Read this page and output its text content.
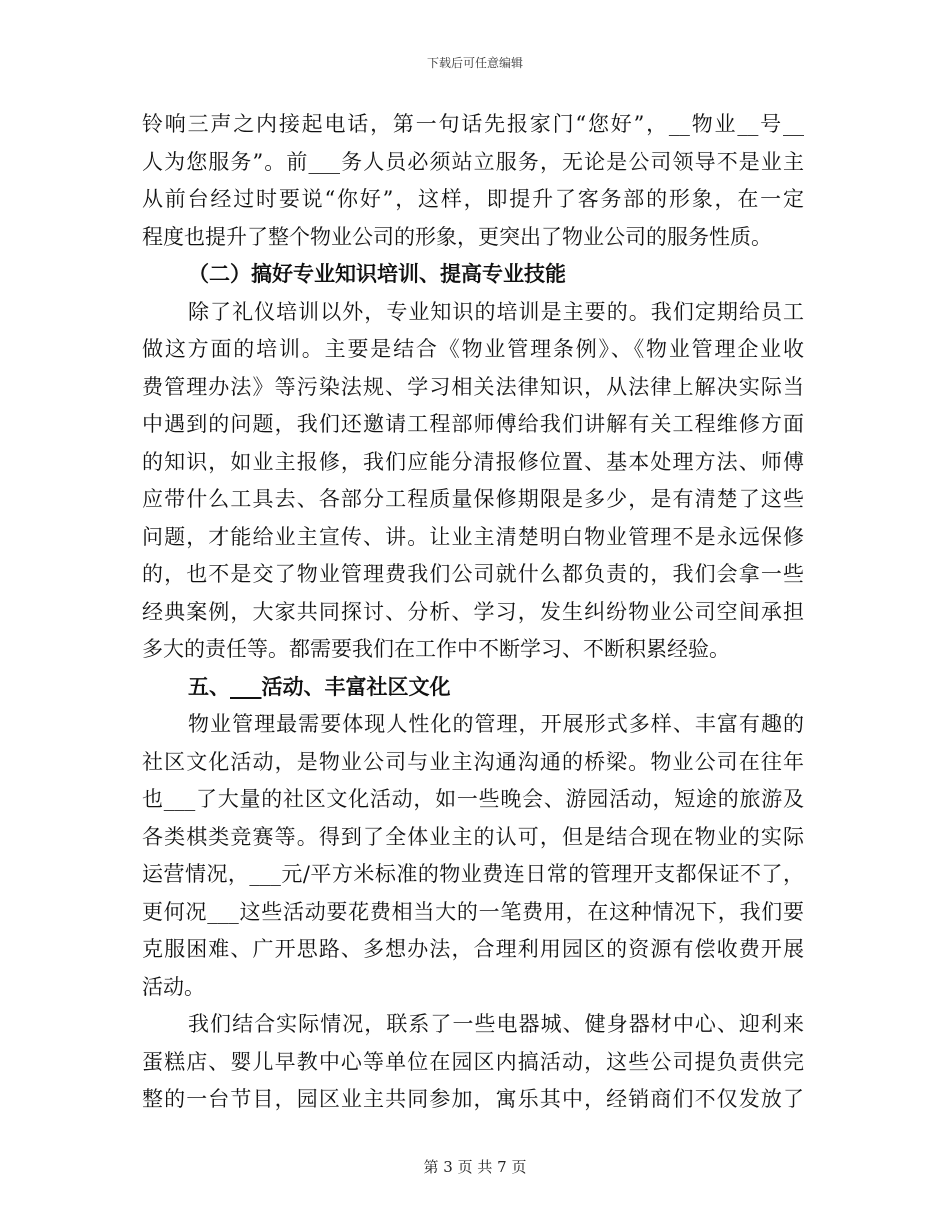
下载后可任意编辑
铃响三声之内接起电话，第一句话先报家门“您好”，__物业__号__
人为您服务”。前___务人员必须站立服务，无论是公司领导不是业主
从前台经过时要说“你好”，这样，即提升了客务部的形象，在一定
程度也提升了整个物业公司的形象，更突出了物业公司的服务性质。
（二）搞好专业知识培训、提高专业技能
除了礼仪培训以外，专业知识的培训是主要的。我们定期给员工
做这方面的培训。主要是结合《物业管理条例》、《物业管理企业收
费管理办法》等污染法规、学习相关法律知识，从法律上解决实际当
中遇到的问题，我们还邀请工程部师傅给我们讲解有关工程维修方面
的知识，如业主报修，我们应能分清报修位置、基本处理方法、师傅
应带什么工具去、各部分工程质量保修期限是多少，是有清楚了这些
问题，才能给业主宣传、讲。让业主清楚明白物业管理不是永远保修
的，也不是交了物业管理费我们公司就什么都负责的，我们会拿一些
经典案例，大家共同探讨、分析、学习，发生纠纷物业公司空间承担
多大的责任等。都需要我们在工作中不断学习、不断积累经验。
五、___活动、丰富社区文化
物业管理最需要体现人性化的管理，开展形式多样、丰富有趣的
社区文化活动，是物业公司与业主沟通沟通的桥梁。物业公司在往年
也___了大量的社区文化活动，如一些晚会、游园活动，短途的旅游及
各类棋类竞赛等。得到了全体业主的认可，但是结合现在物业的实际
运营情况，___元/平方米标准的物业费连日常的管理开支都保证不了，
更何况___这些活动要花费相当大的一笔费用，在这种情况下，我们要
克服困难、广开思路、多想办法，合理利用园区的资源有偿收费开展
活动。
我们结合实际情况，联系了一些电器城、健身器材中心、迎利来
蛋糕店、婴儿早教中心等单位在园区内搞活动，这些公司提负责供完
整的一台节目，园区业主共同参加，寓乐其中，经销商们不仅发放了
第 3 页 共 7 页
